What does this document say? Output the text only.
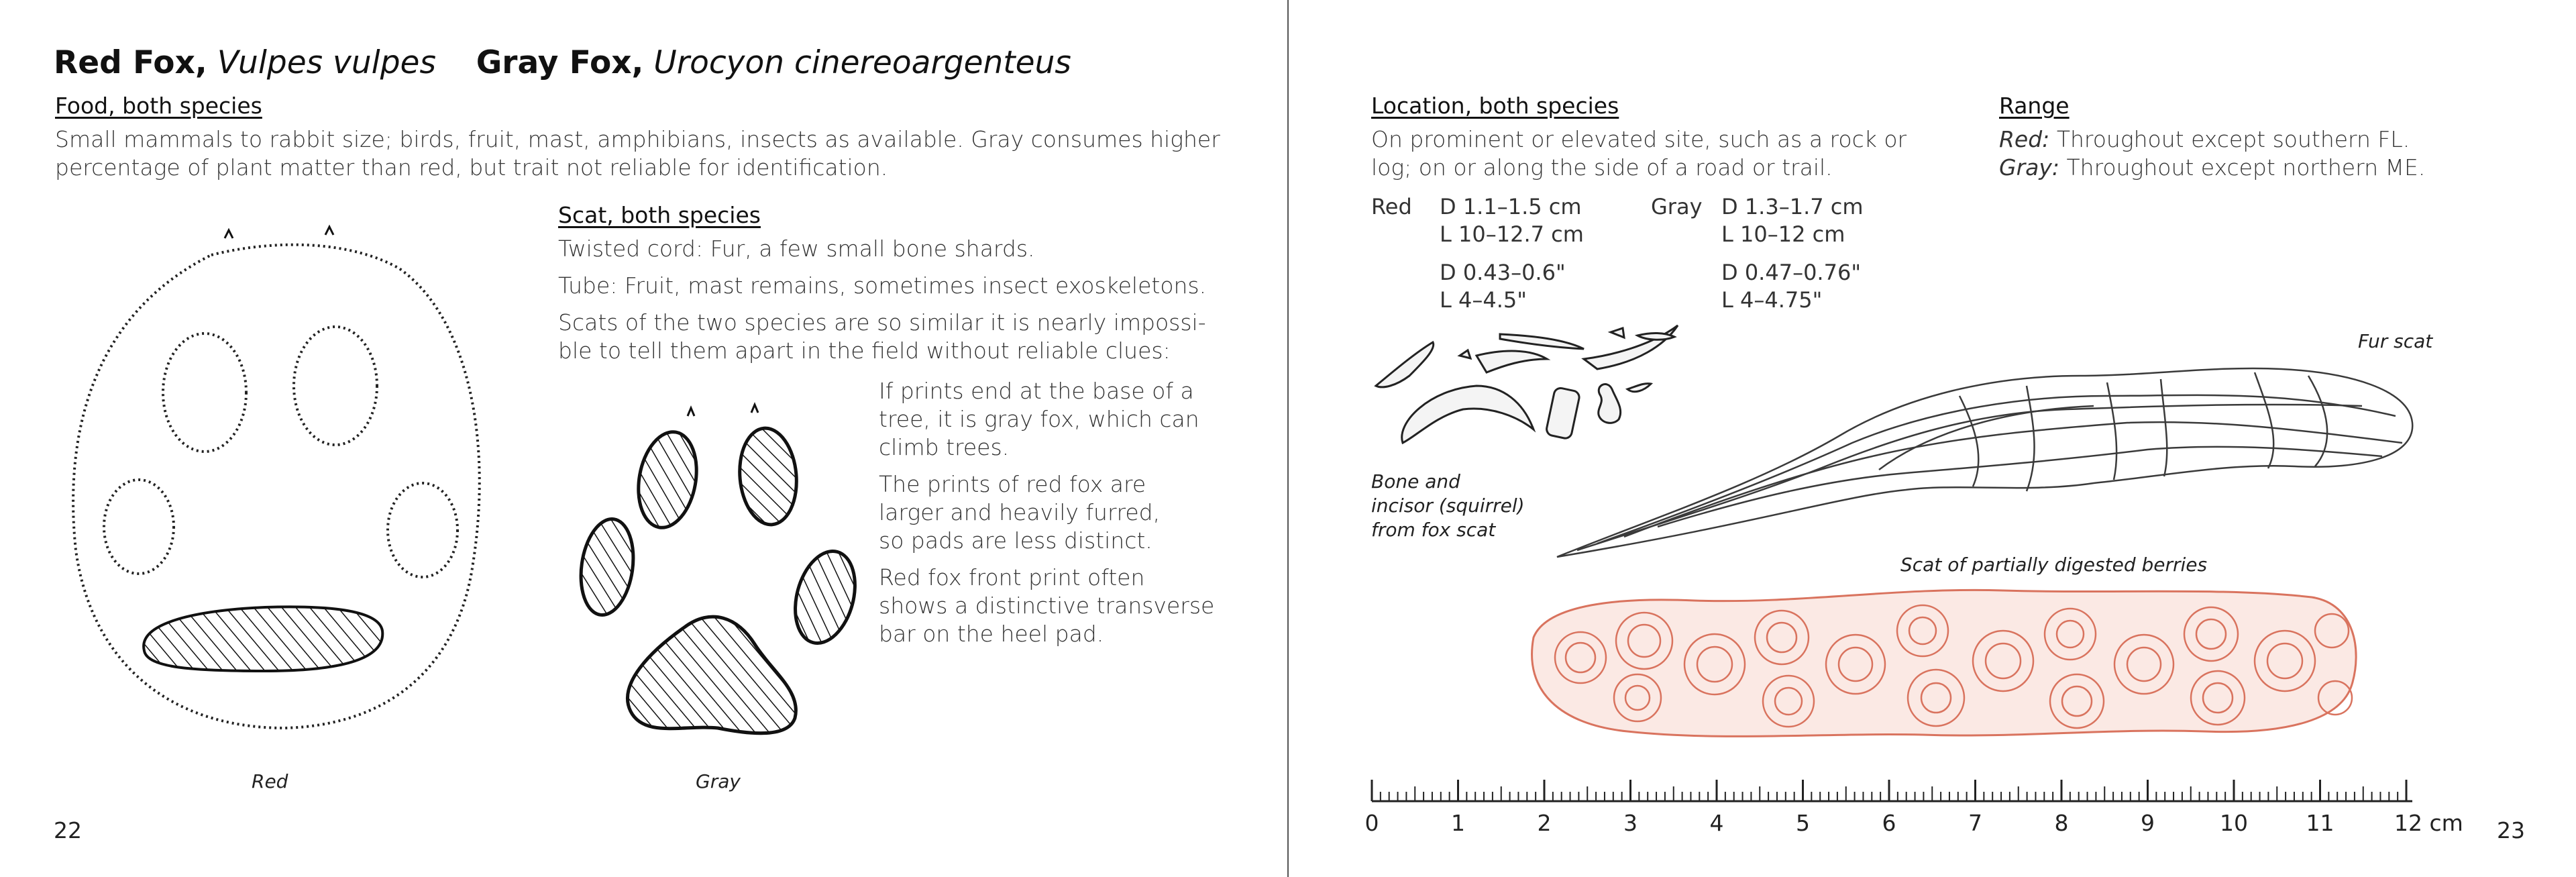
Red Fox, Vulpes vulpes Gray Fox, Urocyon cinereoargenteus
Food, both species
Small mammals to rabbit size; birds, fruit, mast, amphibians, insects as available. Gray consumes higher
percentage of plant matter than red, but trait not reliable for identification.
Scat, both species
Twisted cord: Fur, a few small bone shards.
Tube: Fruit, mast remains, sometimes insect exoskeletons.
Scats of the two species are so similar it is nearly impossi-
ble to tell them apart in the field without reliable clues:
If prints end at the base of a
tree, it is gray fox, which can
climb trees.
The prints of red fox are
larger and heavily furred,
so pads are less distinct.
Red fox front print often
shows a distinctive transverse
bar on the heel pad.
Red	Gray
22
Location, both species
On prominent or elevated site, such as a rock or
log; on or along the side of a road or trail.
Range
Red: Throughout except southern FL.
Gray: Throughout except northern ME.
Red D 1.1–1.5 cm
L 10–12.7 cm
D 0.43–0.6"
L 4–4.5"
Gray D 1.3–1.7 cm
L 10–12 cm
D 0.47–0.76"
L 4–4.75"
Bone and
incisor (squirrel)
from fox scat
Fur scat
Scat of partially digested berries
0	1	2	3	4	5	6	7	8	9	10	11	12 cm 23
